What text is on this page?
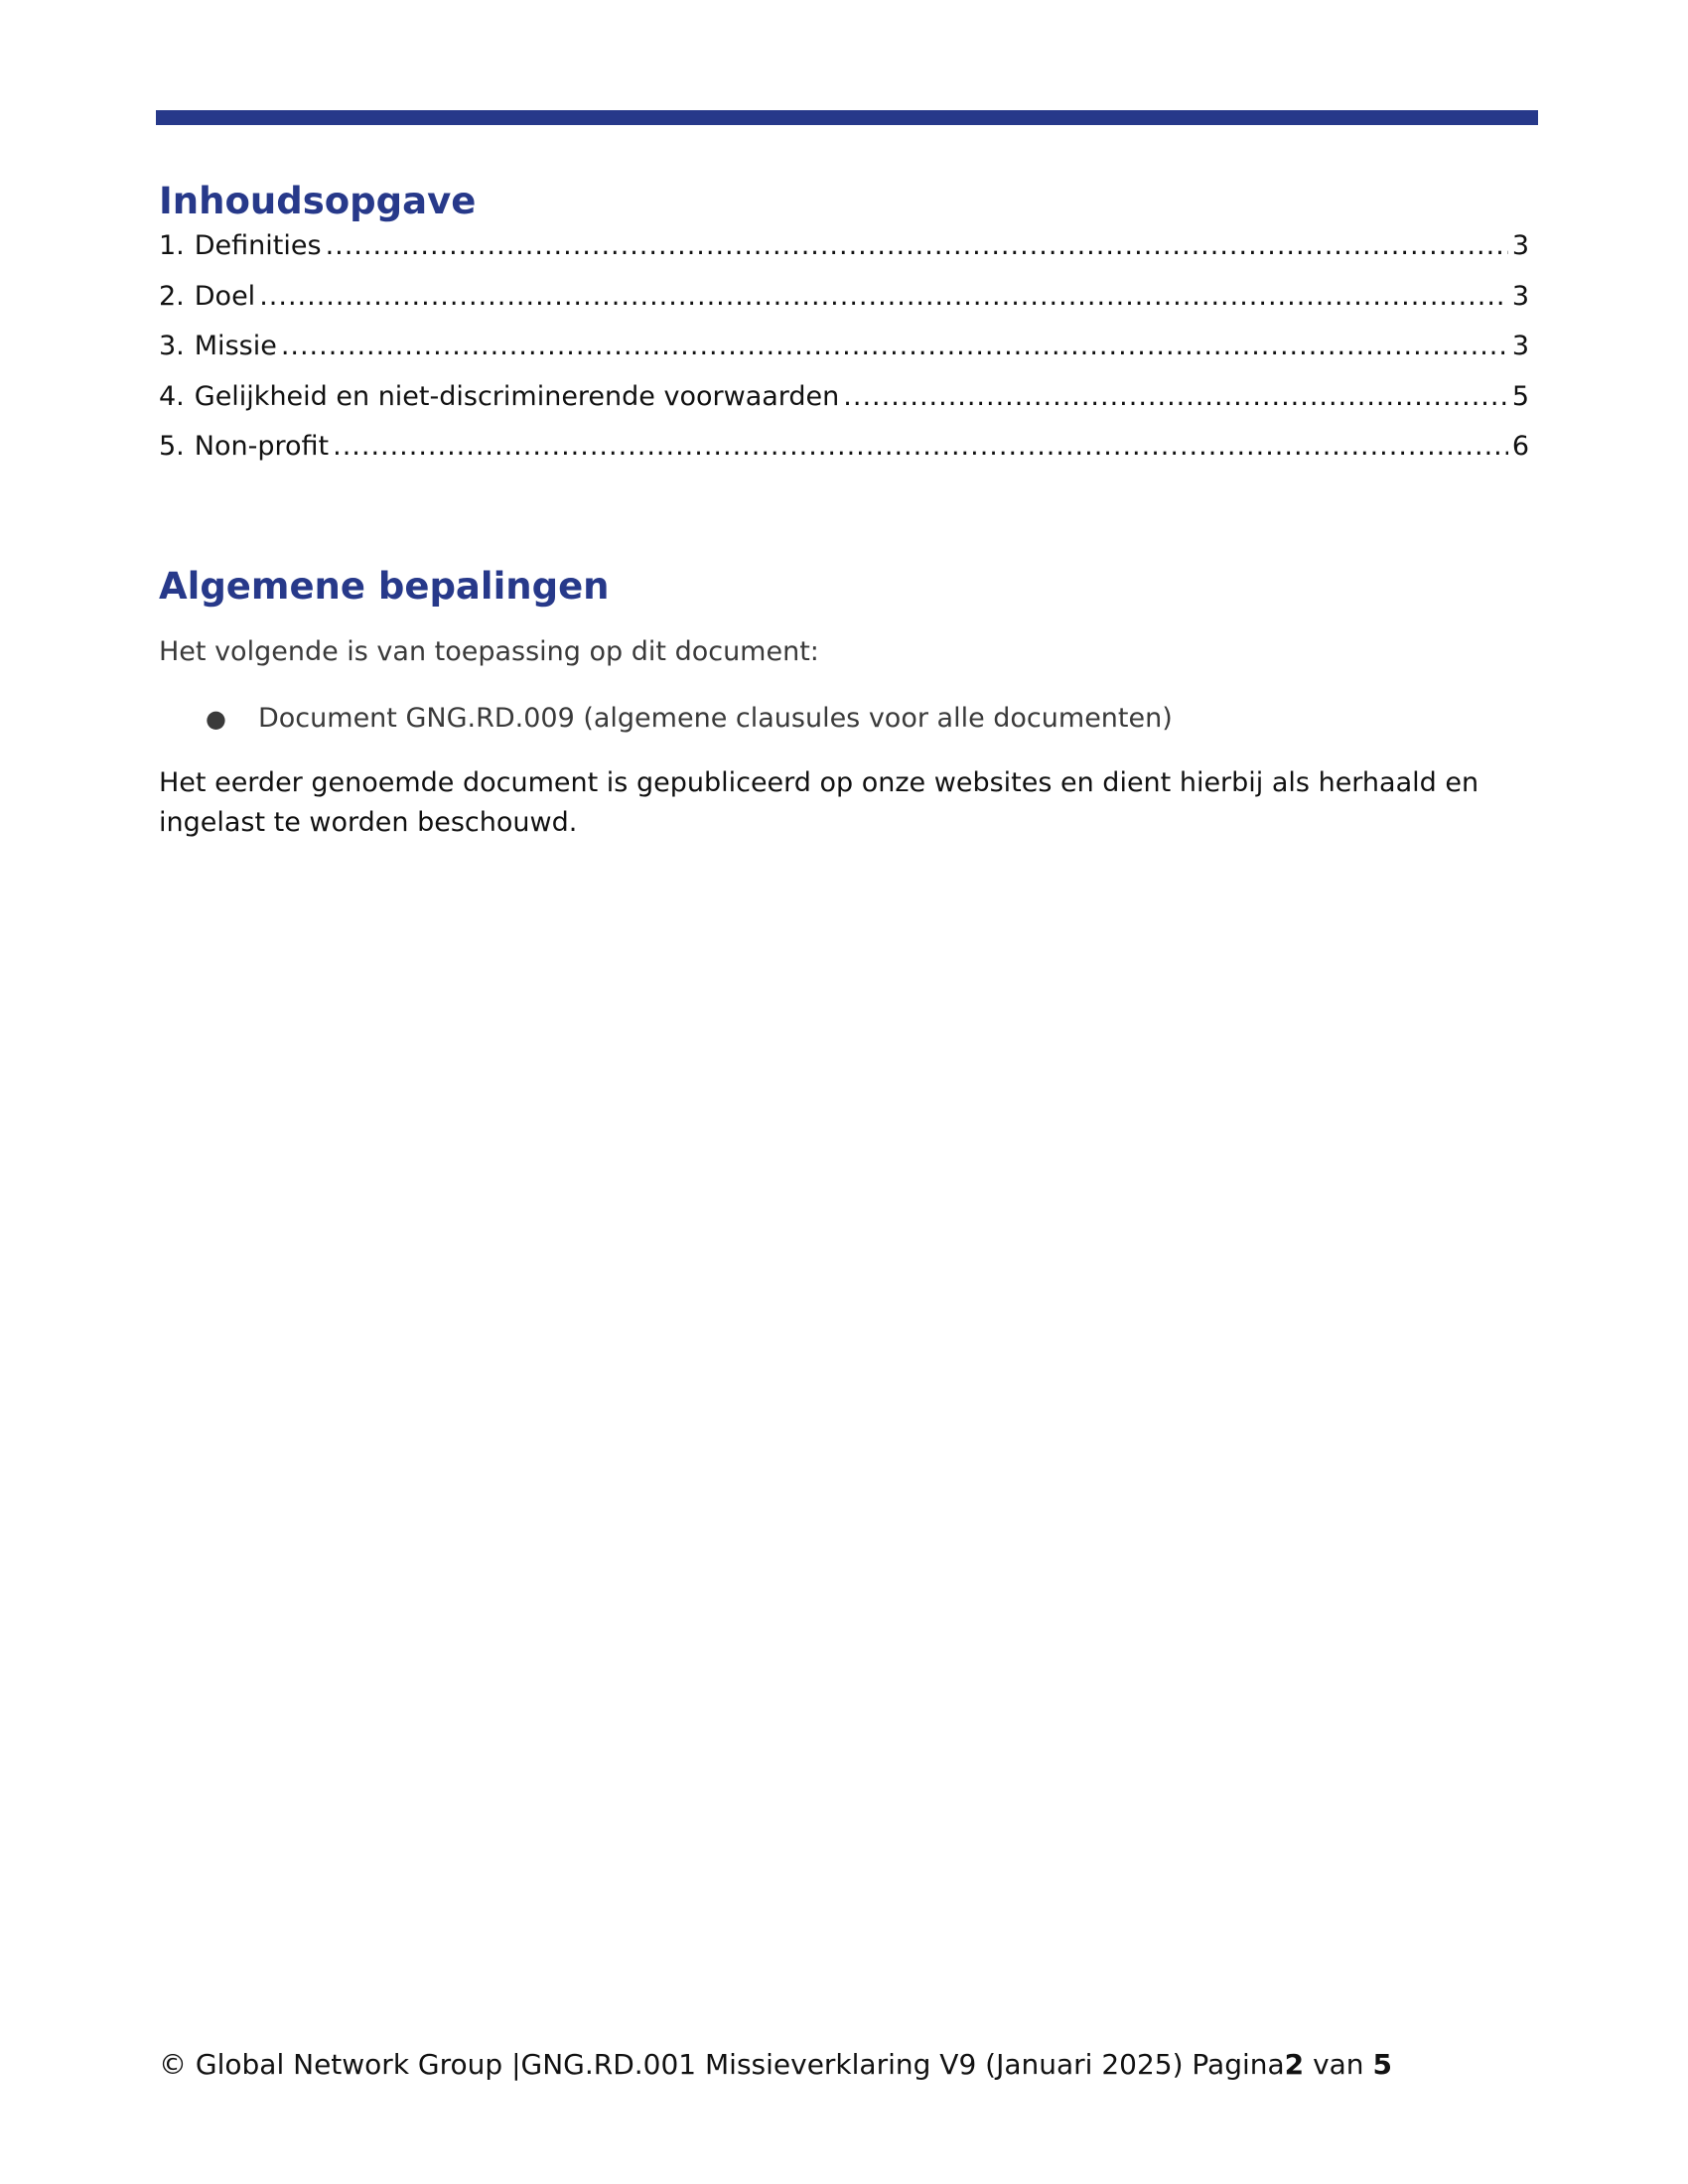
Inhoudsopgave
1. Definities .....	3
2. Doel .....	3
3. Missie .....	3
4. Gelijkheid en niet-discriminerende voorwaarden .....	5
5. Non-profit .....	6
Algemene bepalingen

Het volgende is van toepassing op dit document:

●	Document GNG.RD.009 (algemene clausules voor alle documenten)

Het eerder genoemde document is gepubliceerd op onze websites en dient hierbij als herhaald en ingelast te worden beschouwd.

© Global Network Group |GNG.RD.001 Missieverklaring V9 (Januari 2025) Pagina2 van 5
